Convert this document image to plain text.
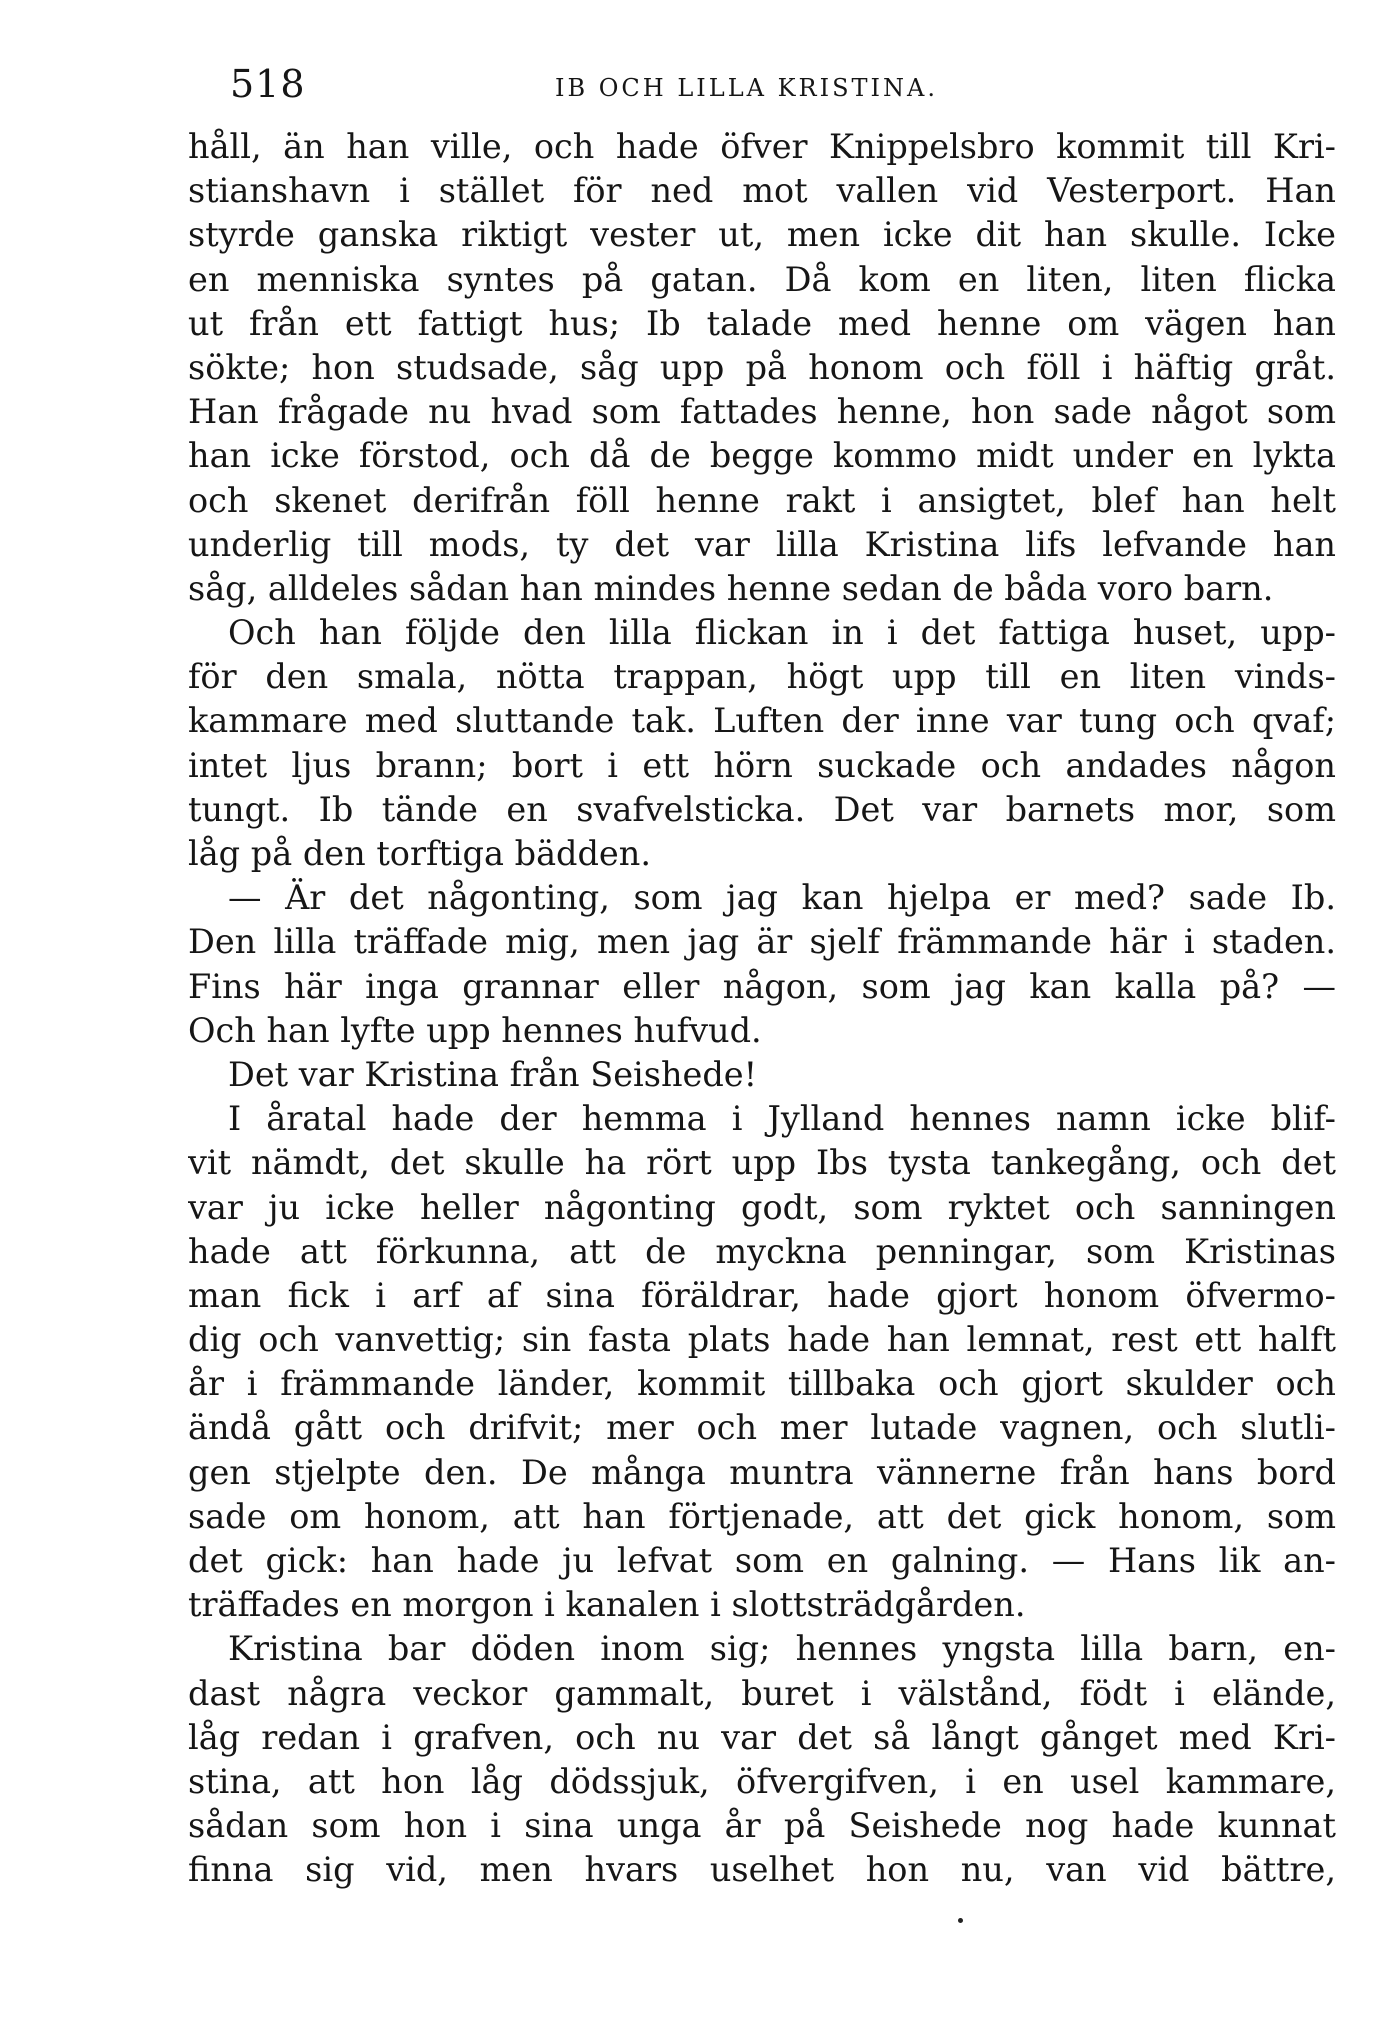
518	IB OCH LILLA KRISTINA.
håll, än han ville, och hade öfver Knippelsbro kommit till Kri-
stianshavn i stället för ned mot vallen vid Vesterport. Han
styrde ganska riktigt vester ut, men icke dit han skulle. Icke
en menniska syntes på gatan. Då kom en liten, liten flicka
ut från ett fattigt hus; Ib talade med henne om vägen han
sökte; hon studsade, såg upp på honom och föll i häftig gråt.
Han frågade nu hvad som fattades henne, hon sade något som
han icke förstod, och då de begge kommo midt under en lykta
och skenet derifrån föll henne rakt i ansigtet, blef han helt
underlig till mods, ty det var lilla Kristina lifs lefvande han
såg, alldeles sådan han mindes henne sedan de båda voro barn.
Och han följde den lilla flickan in i det fattiga huset, upp-
för den smala, nötta trappan, högt upp till en liten vinds-
kammare med sluttande tak. Luften der inne var tung och qvaf;
intet ljus brann; bort i ett hörn suckade och andades någon
tungt. Ib tände en svafvelsticka. Det var barnets mor, som
låg på den torftiga bädden.
— Är det någonting, som jag kan hjelpa er med? sade Ib.
Den lilla träffade mig, men jag är sjelf främmande här i staden.
Fins här inga grannar eller någon, som jag kan kalla på? —
Och han lyfte upp hennes hufvud.
Det var Kristina från Seishede!
I åratal hade der hemma i Jylland hennes namn icke blif-
vit nämdt, det skulle ha rört upp Ibs tysta tankegång, och det
var ju icke heller någonting godt, som ryktet och sanningen
hade att förkunna, att de myckna penningar, som Kristinas
man fick i arf af sina föräldrar, hade gjort honom öfvermo-
dig och vanvettig; sin fasta plats hade han lemnat, rest ett halft
år i främmande länder, kommit tillbaka och gjort skulder och
ändå gått och drifvit; mer och mer lutade vagnen, och slutli-
gen stjelpte den. De många muntra vännerne från hans bord
sade om honom, att han förtjenade, att det gick honom, som
det gick: han hade ju lefvat som en galning. — Hans lik an-
träffades en morgon i kanalen i slottsträdgården.
Kristina bar döden inom sig; hennes yngsta lilla barn, en-
dast några veckor gammalt, buret i välstånd, födt i elände,
låg redan i grafven, och nu var det så långt gånget med Kri-
stina, att hon låg dödssjuk, öfvergifven, i en usel kammare,
sådan som hon i sina unga år på Seishede nog hade kunnat
finna sig vid, men hvars uselhet hon nu, van vid bättre,
